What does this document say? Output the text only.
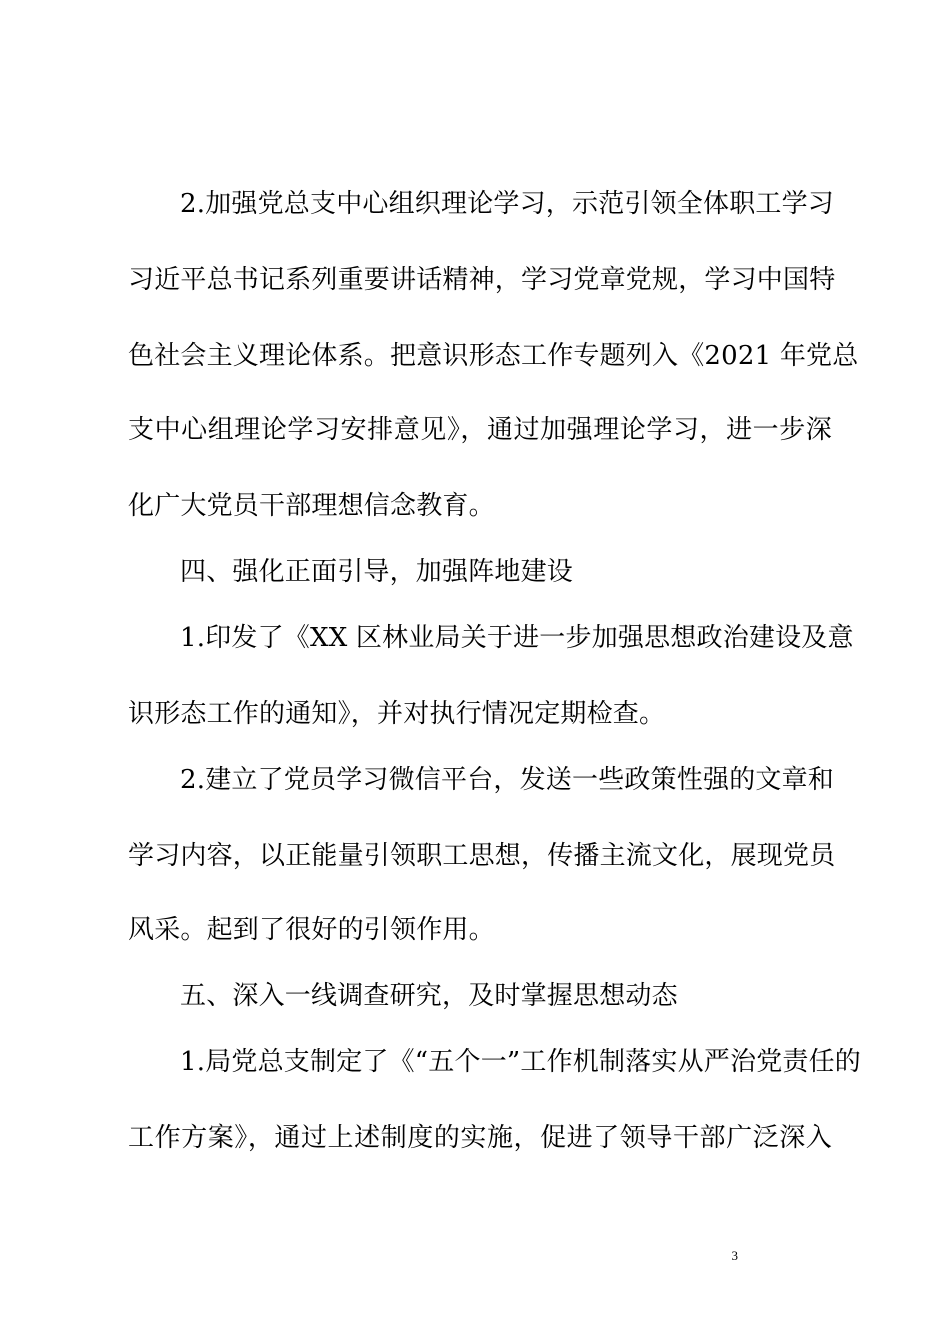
2.加强党总支中心组织理论学习，示范引领全体职工学习
习近平总书记系列重要讲话精神，学习党章党规，学习中国特
色社会主义理论体系。把意识形态工作专题列入《2021 年党总
支中心组理论学习安排意见》，通过加强理论学习，进一步深
化广大党员干部理想信念教育。
四、强化正面引导，加强阵地建设
1.印发了《XX 区林业局关于进一步加强思想政治建设及意
识形态工作的通知》，并对执行情况定期检查。
2.建立了党员学习微信平台，发送一些政策性强的文章和
学习内容，以正能量引领职工思想，传播主流文化，展现党员
风采。起到了很好的引领作用。
五、深入一线调查研究，及时掌握思想动态
1.局党总支制定了《“五个一”工作机制落实从严治党责任的
工作方案》，通过上述制度的实施，促进了领导干部广泛深入
3
